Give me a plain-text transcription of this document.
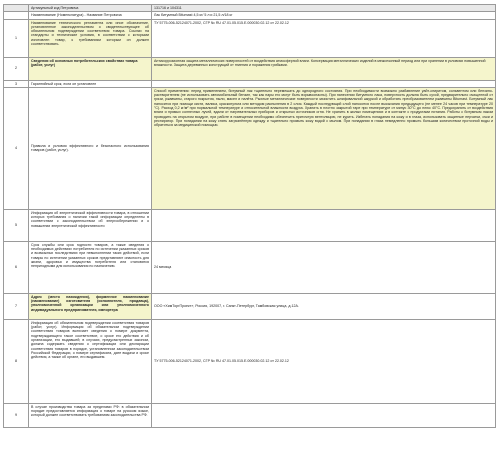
	Артикульный код Петровича	131716 и 104311
	Наименование (Номенклатура) - Название Петровича	Лак битумный Bitumast 4,5 кг/ 5 л и 21,5 л/18 кг
1	Наименование технического регламента или иное обозначение, установленное законодательством о свидетельствующее об обязательном подтверждении соответствия товара. Ссылки на стандарты и технические условия, в соответствии с которыми изготовлен товар, к требованиям которым он должен соответствовать.	ТУ 5775-006-52124071-2002, СГР № RU 47.01.05.015.Е.000030.02.12 от 22.02.12
2	Сведения об основных потребительских свойствах товара (работ, услуг)	Антикоррозионная защита металлических поверхностей от воздействия атмосферной влаги. Консервация металлических изделий в межсезонный период или при хранении в условиях повышенной влажности. Защита деревянных конструкций от гниения и поражения грибками.
3	Гарантийный срок, если он установлен	
4	Правила и условия эффективного и безопасного использования товаров (работ, услуг).	Способ применения: перед применением, битумный лак тщательно перемешать до однородного состояния. При необходимости возможно разбавление уайт-спиритом, сольвентом или бензино-растворителем (не использовать автомобильный бензин, так как пары его могут быть взрывоопасны). При нанесении битумного лака, поверхность должна быть сухой, предварительно очищенной от грязи, ржавчины, старого покрытия, пыли, масел и налёта. Рыхлые металлические поверхности зачистить шлифовальной шкуркой и обработать преобразователем ржавчины Bitumast. Битумный лак наносится при помощи кисти, валика, краскопульта или методом распыления в 2 слоя. Каждый последующий слой наносится после высыхания предыдущего (не менее 24 часов при температуре 20 °С). Расход 0,2 кг/м² при нормальной температуре и относительной влажности воздуха. Хранить в плотно закрытой таре при температуре от минус 30°С до плюс 40°С. Предохранять от воздействия влаги и прямых солнечных лучей, вдали от нагревательных приборов и открытых источников огня. Не хранить в жилых помещениях и в контакте с продуктами питания. Работы с битумным лаком проводить на открытом воздухе, при работе в помещении необходимо обеспечить приточную вентиляцию, не курить. Избегать попадания на кожу и в глаза, использовать защитные перчатки, очки и респиратор. При попадании на кожу снять загрязнённую одежду и тщательно промыть кожу водой с мылом. При попадании в глаза немедленно промыть большим количеством проточной воды и обратиться за медицинской помощью.
5	Информация об энергетической эффективности товара, в отношении которых требования о наличии такой информации определены в соответствии с законодательством об энергосбережении и о повышении энергетической эффективности	
6	Срок службы или срок годности товаров, а также сведения о необходимых действиях потребителя по истечении указанных сроков и возможных последствиях при невыполнении таких действий, если товары по истечении указанных сроков представляют опасность для жизни, здоровья и имущества потребителя или становятся непригодными для использования по назначению.	24 месяца
7	Адрес (место нахождения), фирменное наименование (наименование) изготовителя (исполнителя, продавца), уполномоченной организации или уполномоченного индивидуального предпринимателя, импортера	ООО «ХимТоргПроект», Россия, 192007, г. Санкт-Петербург, Тамбовская улица, д.12А.
8	Информация об обязательном подтверждении соответствия товаров (работ, услуг). Информация об обязательном подтверждении соответствия товаров включает сведения о номере документа, подтверждающего такое соответствие, о сроке его действия и об организации, его выдавшей; в случаях, предусмотренных законом, должна содержать сведения о сертификации или декларации соответствия товаров в порядке, установленном законодательством Российской Федерации, о номере сертификата, дате выдачи и сроке действия, а также об органе, его выдавшем.	ТУ 5775-006-52124071-2002, СГР № RU 47.01.05.015.Е.000030.02.12 от 22.02.12
9	В случае производства товара за пределами РФ: в обязательном порядке предоставляется информация о товаре на русском языке, который должен соответствовать требованиям законодательства РФ.	
